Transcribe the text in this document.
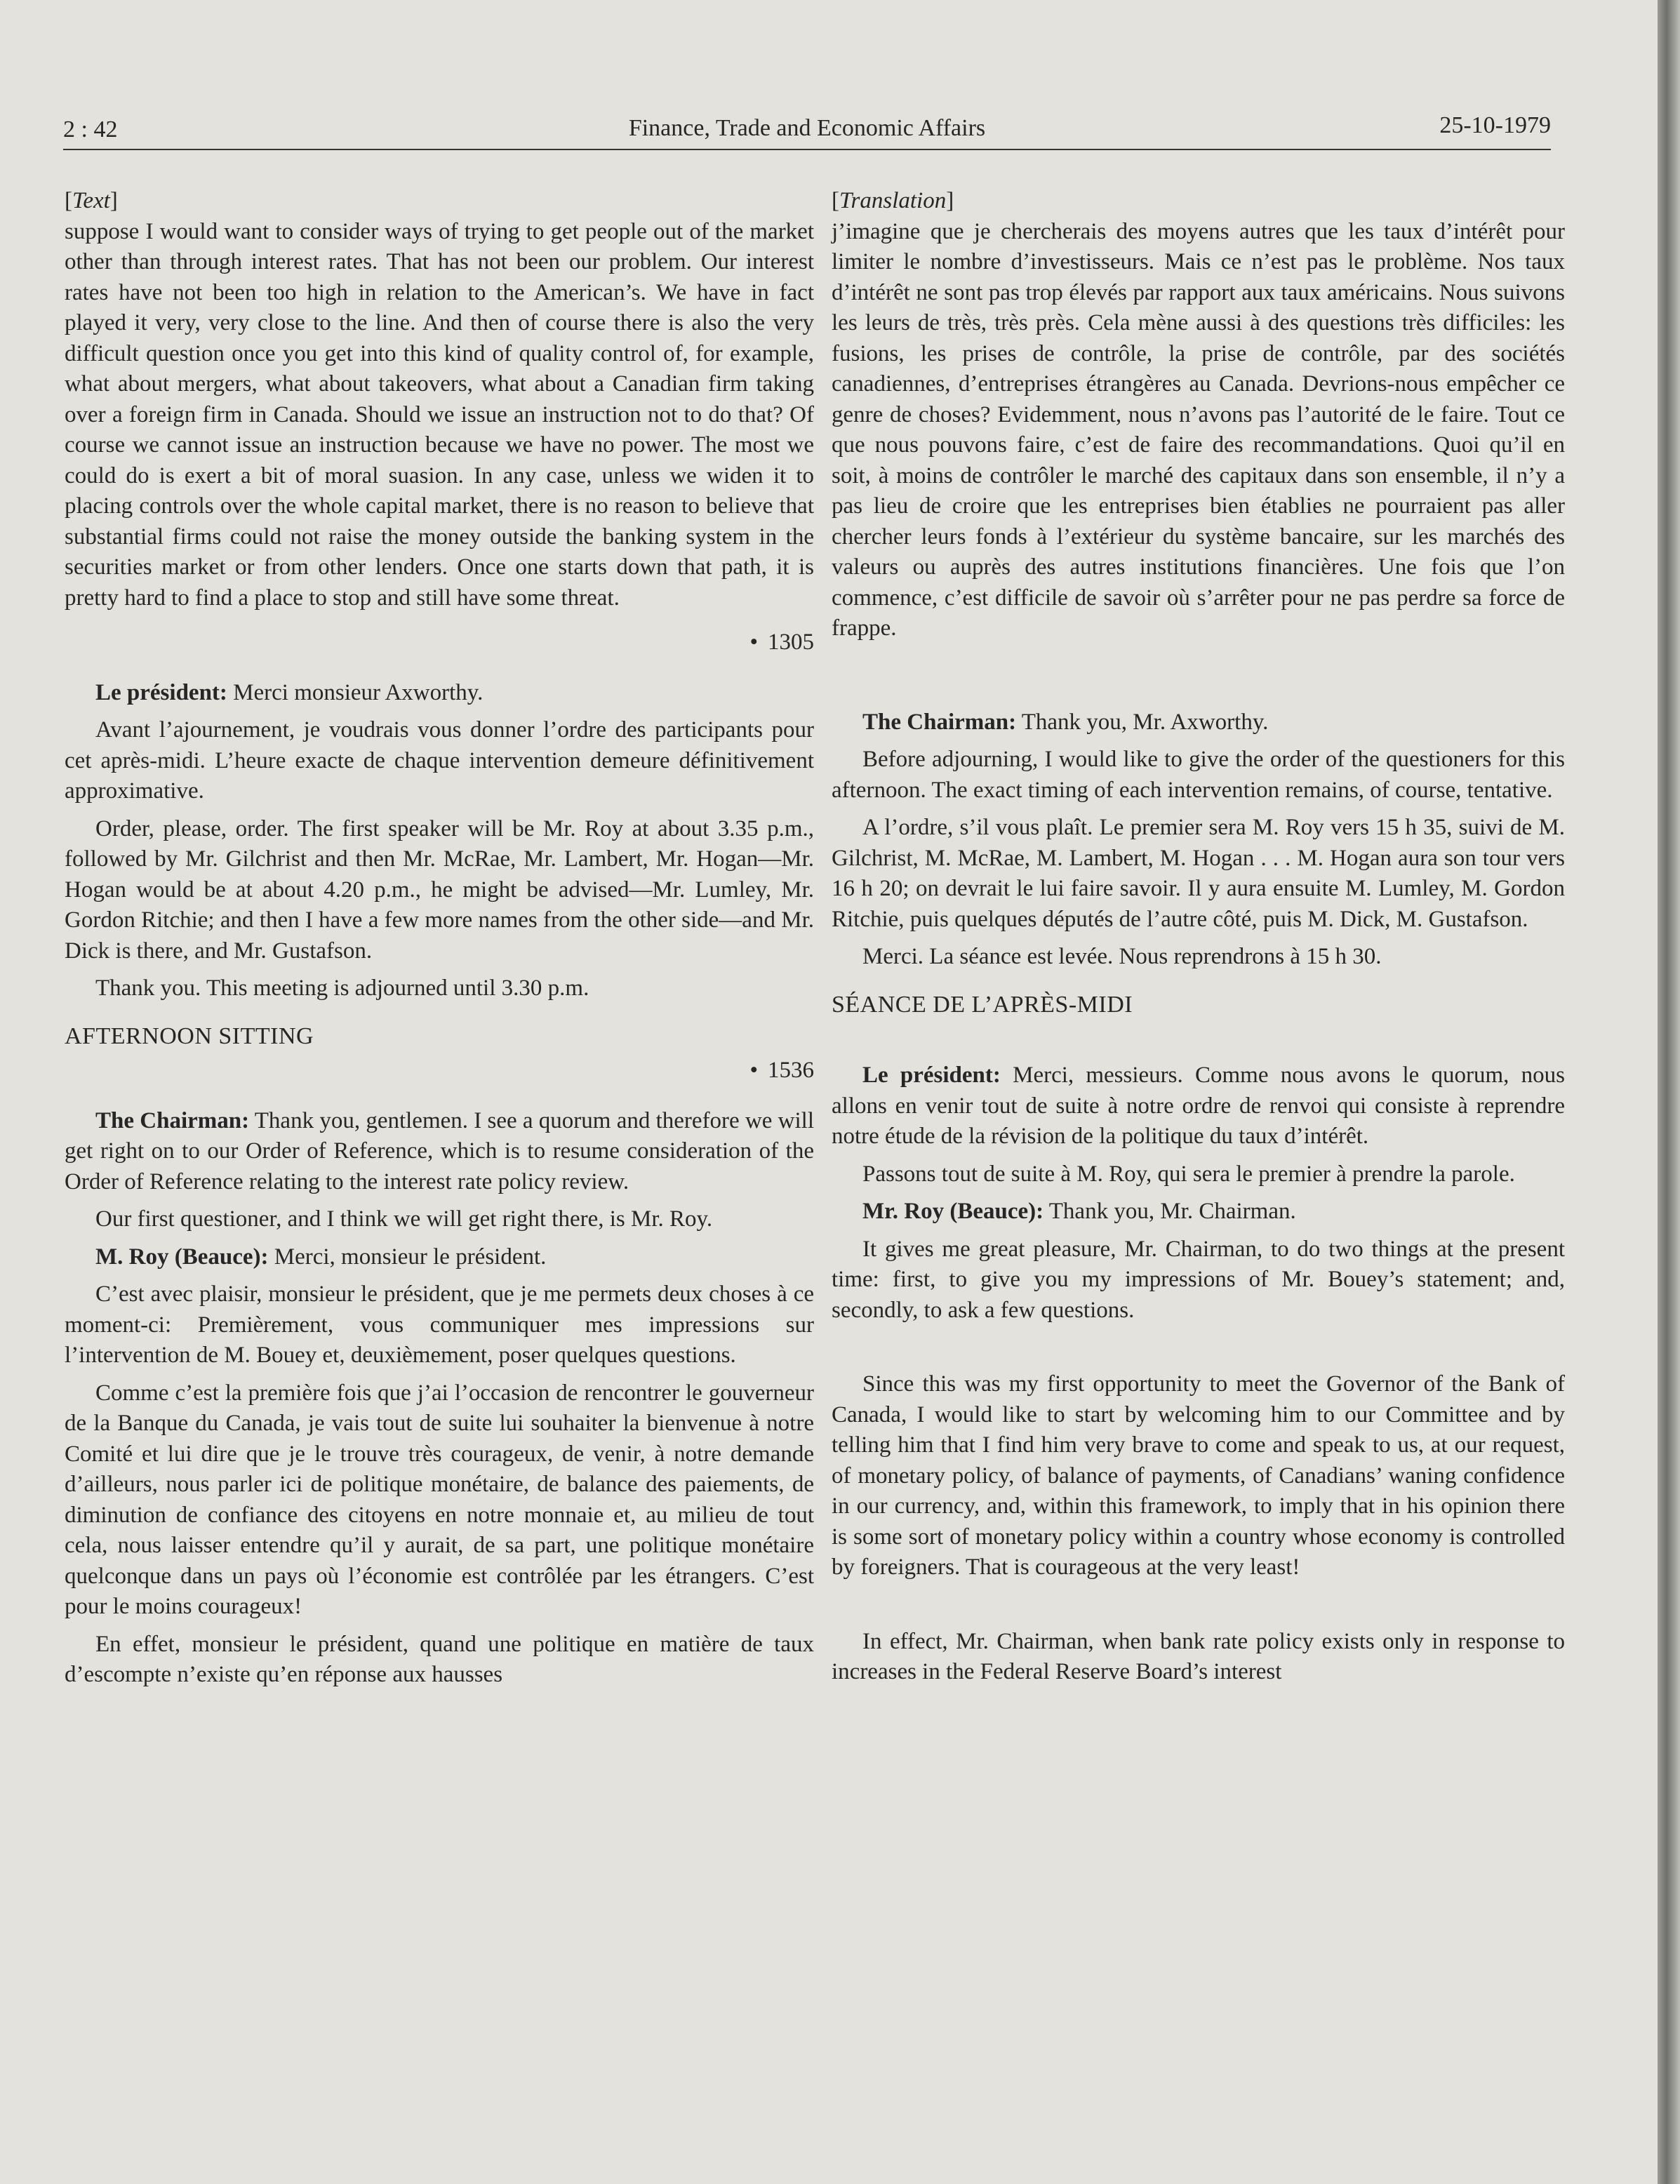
2 : 42	Finance, Trade and Economic Affairs	25-10-1979
[Text]

suppose I would want to consider ways of trying to get people out of the market other than through interest rates. That has not been our problem. Our interest rates have not been too high in relation to the American’s. We have in fact played it very, very close to the line. And then of course there is also the very difficult question once you get into this kind of quality control of, for example, what about mergers, what about takeovers, what about a Canadian firm taking over a foreign firm in Canada. Should we issue an instruction not to do that? Of course we cannot issue an instruction because we have no power. The most we could do is exert a bit of moral suasion. In any case, unless we widen it to placing controls over the whole capital market, there is no reason to believe that substantial firms could not raise the money outside the banking system in the securities market or from other lenders. Once one starts down that path, it is pretty hard to find a place to stop and still have some threat.

• 1305

Le président: Merci monsieur Axworthy.

Avant l’ajournement, je voudrais vous donner l’ordre des participants pour cet après-midi. L’heure exacte de chaque intervention demeure définitivement approximative.

Order, please, order. The first speaker will be Mr. Roy at about 3.35 p.m., followed by Mr. Gilchrist and then Mr. McRae, Mr. Lambert, Mr. Hogan—Mr. Hogan would be at about 4.20 p.m., he might be advised—Mr. Lumley, Mr. Gordon Ritchie; and then I have a few more names from the other side—and Mr. Dick is there, and Mr. Gustafson.

Thank you. This meeting is adjourned until 3.30 p.m.

AFTERNOON SITTING
• 1536

The Chairman: Thank you, gentlemen. I see a quorum and therefore we will get right on to our Order of Reference, which is to resume consideration of the Order of Reference relating to the interest rate policy review.

Our first questioner, and I think we will get right there, is Mr. Roy.

M. Roy (Beauce): Merci, monsieur le président.

C’est avec plaisir, monsieur le président, que je me permets deux choses à ce moment-ci: Premièrement, vous communiquer mes impressions sur l’intervention de M. Bouey et, deuxièmement, poser quelques questions.

Comme c’est la première fois que j’ai l’occasion de rencontrer le gouverneur de la Banque du Canada, je vais tout de suite lui souhaiter la bienvenue à notre Comité et lui dire que je le trouve très courageux, de venir, à notre demande d’ailleurs, nous parler ici de politique monétaire, de balance des paiements, de diminution de confiance des citoyens en notre monnaie et, au milieu de tout cela, nous laisser entendre qu’il y aurait, de sa part, une politique monétaire quelconque dans un pays où l’économie est contrôlée par les étrangers. C’est pour le moins courageux!

En effet, monsieur le président, quand une politique en matière de taux d’escompte n’existe qu’en réponse aux hausses

[Translation]

j’imagine que je chercherais des moyens autres que les taux d’intérêt pour limiter le nombre d’investisseurs. Mais ce n’est pas le problème. Nos taux d’intérêt ne sont pas trop élevés par rapport aux taux américains. Nous suivons les leurs de très, très près. Cela mène aussi à des questions très difficiles: les fusions, les prises de contrôle, la prise de contrôle, par des sociétés canadiennes, d’entreprises étrangères au Canada. Devrions-nous empêcher ce genre de choses? Evidemment, nous n’avons pas l’autorité de le faire. Tout ce que nous pouvons faire, c’est de faire des recommandations. Quoi qu’il en soit, à moins de contrôler le marché des capitaux dans son ensemble, il n’y a pas lieu de croire que les entreprises bien établies ne pourraient pas aller chercher leurs fonds à l’extérieur du système bancaire, sur les marchés des valeurs ou auprès des autres institutions financières. Une fois que l’on commence, c’est difficile de savoir où s’arrêter pour ne pas perdre sa force de frappe.

The Chairman: Thank you, Mr. Axworthy.

Before adjourning, I would like to give the order of the questioners for this afternoon. The exact timing of each intervention remains, of course, tentative.

A l’ordre, s’il vous plaît. Le premier sera M. Roy vers 15 h 35, suivi de M. Gilchrist, M. McRae, M. Lambert, M. Hogan . . . M. Hogan aura son tour vers 16 h 20; on devrait le lui faire savoir. Il y aura ensuite M. Lumley, M. Gordon Ritchie, puis quelques députés de l’autre côté, puis M. Dick, M. Gustafson.

Merci. La séance est levée. Nous reprendrons à 15 h 30.

SÉANCE DE L’APRÈS-MIDI

Le président: Merci, messieurs. Comme nous avons le quorum, nous allons en venir tout de suite à notre ordre de renvoi qui consiste à reprendre notre étude de la révision de la politique du taux d’intérêt.

Passons tout de suite à M. Roy, qui sera le premier à prendre la parole.

Mr. Roy (Beauce): Thank you, Mr. Chairman.

It gives me great pleasure, Mr. Chairman, to do two things at the present time: first, to give you my impressions of Mr. Bouey’s statement; and, secondly, to ask a few questions.

Since this was my first opportunity to meet the Governor of the Bank of Canada, I would like to start by welcoming him to our Committee and by telling him that I find him very brave to come and speak to us, at our request, of monetary policy, of balance of payments, of Canadians’ waning confidence in our currency, and, within this framework, to imply that in his opinion there is some sort of monetary policy within a country whose economy is controlled by foreigners. That is courageous at the very least!

In effect, Mr. Chairman, when bank rate policy exists only in response to increases in the Federal Reserve Board’s interest
